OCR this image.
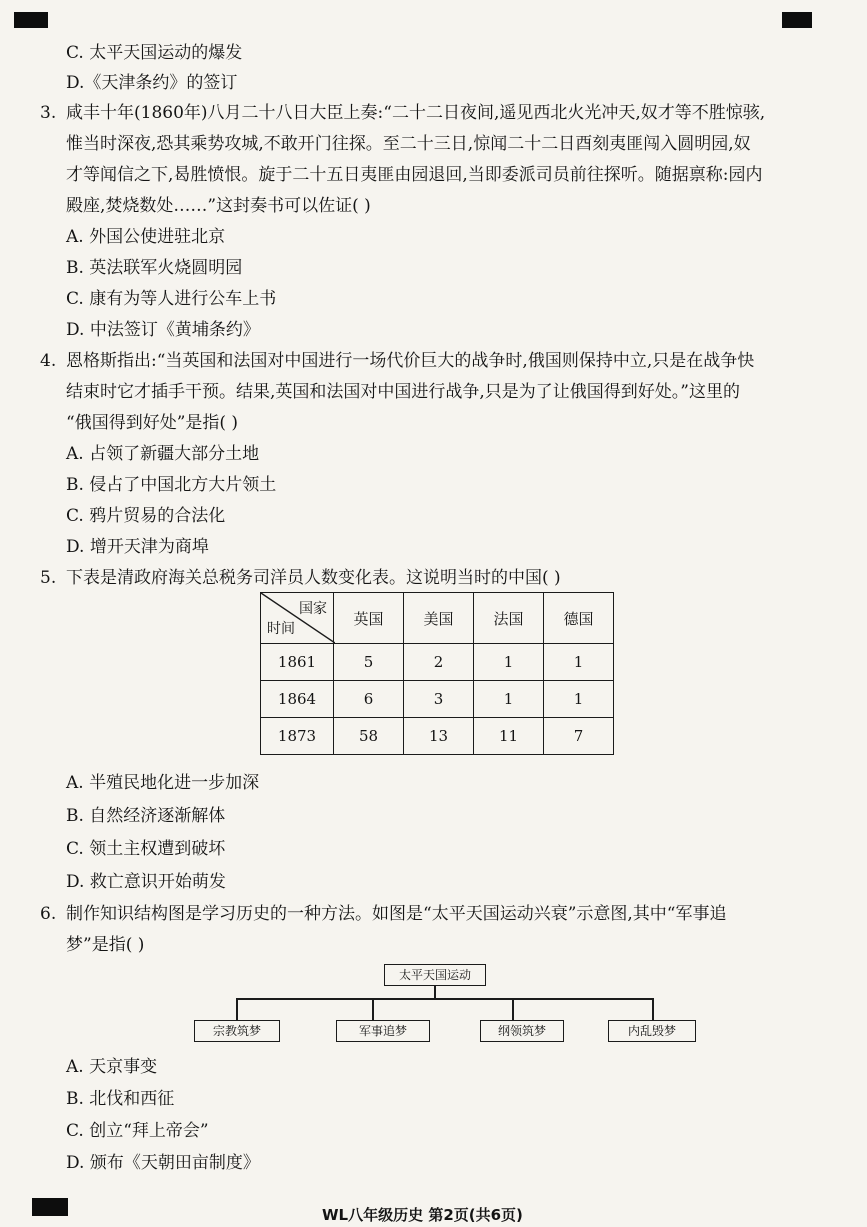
C. 太平天国运动的爆发
D.《天津条约》的签订
3. 咸丰十年(1860年)八月二十八日大臣上奏:“二十二日夜间,遥见西北火光冲天,奴才等不胜惊骇,
惟当时深夜,恐其乘势攻城,不敢开门往探。至二十三日,惊闻二十二日酉刻夷匪闯入圆明园,奴
才等闻信之下,曷胜愤恨。旋于二十五日夷匪由园退回,当即委派司员前往探听。随据禀称:园内
殿座,焚烧数处……”这封奏书可以佐证( )
A. 外国公使进驻北京
B. 英法联军火烧圆明园
C. 康有为等人进行公车上书
D. 中法签订《黄埔条约》
4. 恩格斯指出:“当英国和法国对中国进行一场代价巨大的战争时,俄国则保持中立,只是在战争快
结束时它才插手干预。结果,英国和法国对中国进行战争,只是为了让俄国得到好处。”这里的
“俄国得到好处”是指( )
A. 占领了新疆大部分土地
B. 侵占了中国北方大片领土
C. 鸦片贸易的合法化
D. 增开天津为商埠
5. 下表是清政府海关总税务司洋员人数变化表。这说明当时的中国( )
国家
时间	英国	美国	法国	德国
1861	5	2	1	1
1864	6	3	1	1
1873	58	13	11	7
A. 半殖民地化进一步加深
B. 自然经济逐渐解体
C. 领土主权遭到破坏
D. 救亡意识开始萌发
6. 制作知识结构图是学习历史的一种方法。如图是“太平天国运动兴衰”示意图,其中“军事追
梦”是指( )
太平天国运动
宗教筑梦	军事追梦	纲领筑梦	内乱毁梦
A. 天京事变
B. 北伐和西征
C. 创立“拜上帝会”
D. 颁布《天朝田亩制度》
WL八年级历史 第2页(共6页)
